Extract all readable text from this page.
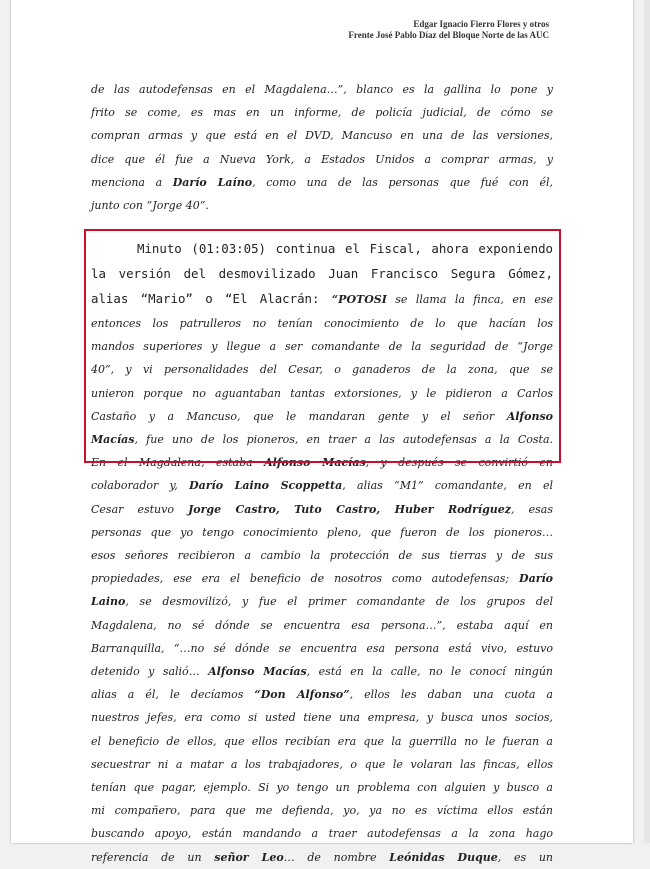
Edgar Ignacio Fierro Flores y otros
Frente José Pablo Díaz del Bloque Norte de las AUC
de las autodefensas en el Magdalena…”, blanco es la gallina lo pone y
frito se come, es mas en un informe, de policía judicial, de cómo se
compran armas y que está en el DVD, Mancuso en una de las versiones,
dice que él fue a Nueva York, a Estados Unidos a comprar armas, y
menciona a Darío Laíno, como una de las personas que fué con él,
junto con “Jorge 40”.
Minuto (01:03:05) continua el Fiscal, ahora exponiendo
la versión del desmovilizado Juan Francisco Segura Gómez,
alias “Mario” o “El Alacrán: “POTOSI se llama la finca, en ese
entonces los patrulleros no tenían conocimiento de lo que hacían los
mandos superiores y llegue a ser comandante de la seguridad de “Jorge
40”, y vi personalidades del Cesar, o ganaderos de la zona, que se
unieron porque no aguantaban tantas extorsiones, y le pidieron a Carlos
Castaño y a Mancuso, que le mandaran gente y el señor Alfonso
Macías, fue uno de los pioneros, en traer a las autodefensas a la Costa.
En el Magdalena, estaba Alfonso Macías, y después se convirtió en
colaborador y, Darío Laino Scoppetta, alias “M1” comandante, en el
Cesar estuvo Jorge Castro, Tuto Castro, Huber Rodríguez, esas
personas que yo tengo conocimiento pleno, que fueron de los pioneros…
esos señores recibieron a cambio la protección de sus tierras y de sus
propiedades, ese era el beneficio de nosotros como autodefensas; Darío
Laino, se desmovilizó, y fue el primer comandante de los grupos del
Magdalena, no sé dónde se encuentra esa persona…”, estaba aquí en
Barranquilla, “…no sé dónde se encuentra esa persona está vivo, estuvo
detenido y salió… Alfonso Macías, está en la calle, no le conocí ningún
alias a él, le decíamos “Don Alfonso”, ellos les daban una cuota a
nuestros jefes, era como si usted tiene una empresa, y busca unos socios,
el beneficio de ellos, que ellos recibían era que la guerrilla no le fueran a
secuestrar ni a matar a los trabajadores, o que le volaran las fincas, ellos
tenían que pagar, ejemplo. Si yo tengo un problema con alguien y busco a
mi compañero, para que me defienda, yo, ya no es víctima ellos están
buscando apoyo, están mandando a traer autodefensas a la zona hago
referencia de un señor Leo… de nombre Leónidas Duque, es un
